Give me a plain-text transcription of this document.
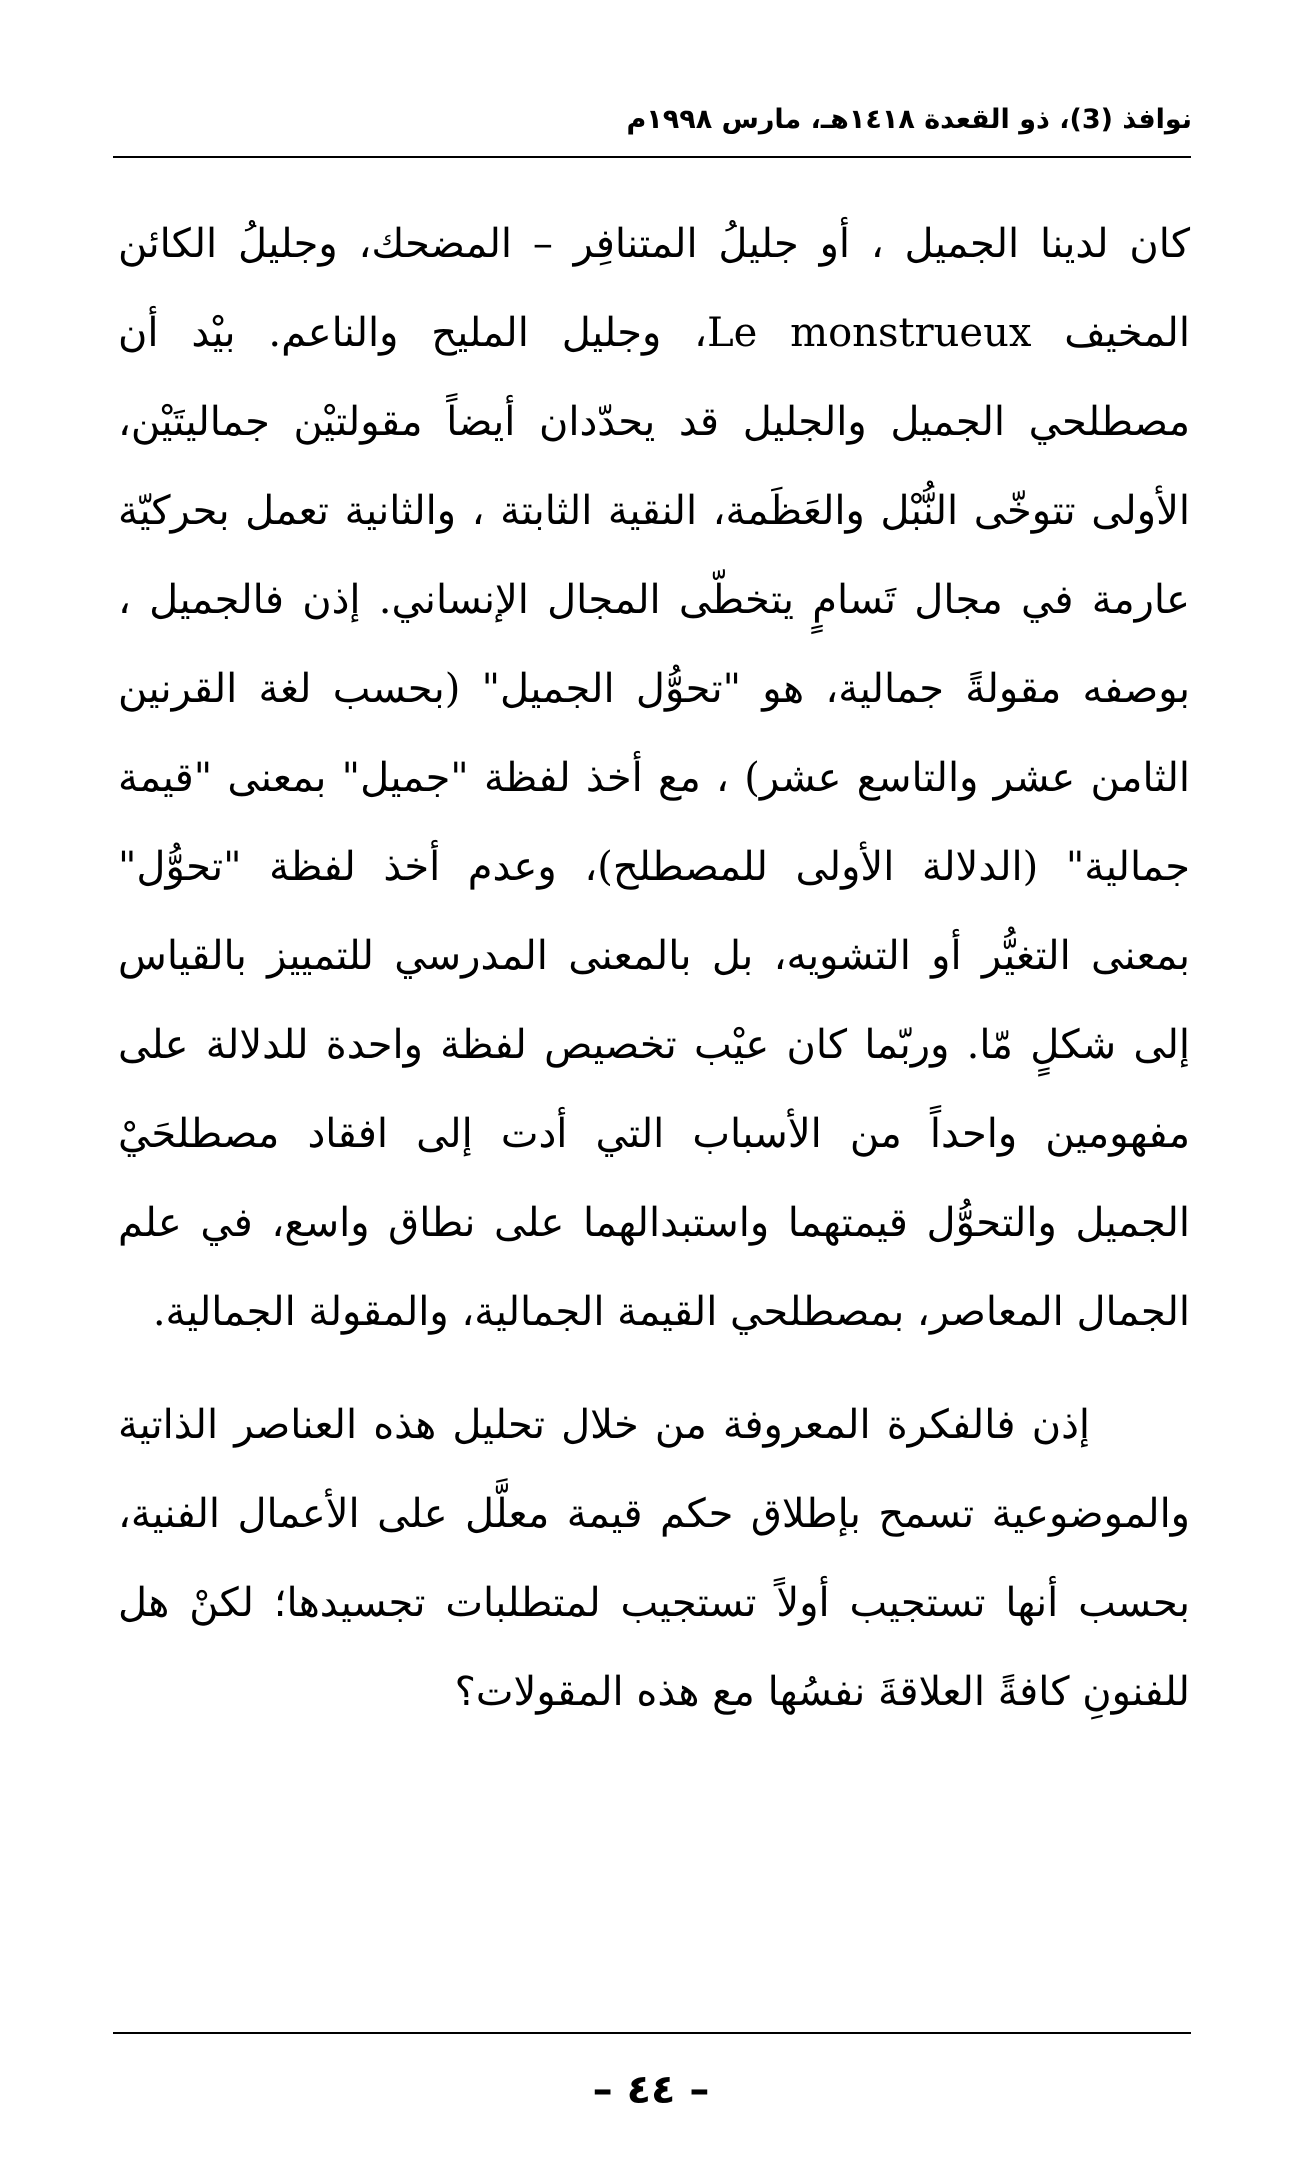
نوافذ (3)، ذو القعدة ١٤١٨هـ، مارس ١٩٩٨م

كان لدينا الجميل ، أو جليلُ المتنافِر – المضحك، وجليلُ الكائن المخيف Le monstrueux، وجليل المليح والناعم. بيْد أن مصطلحي الجميل والجليل قد يحدّدان أيضاً مقولتيْن جماليتَيْن، الأولى تتوخّى النُّبْل والعَظَمة، النقية الثابتة ، والثانية تعمل بحركيّة عارمة في مجال تَسامٍ يتخطّى المجال الإنساني. إذن فالجميل ، بوصفه مقولةً جمالية، هو "تحوُّل الجميل" (بحسب لغة القرنين الثامن عشر والتاسع عشر) ، مع أخذ لفظة "جميل" بمعنى "قيمة جمالية" (الدلالة الأولى للمصطلح)، وعدم أخذ لفظة "تحوُّل" بمعنى التغيُّر أو التشويه، بل بالمعنى المدرسي للتمييز بالقياس إلى شكلٍ مّا. وربّما كان عيْب تخصيص لفظة واحدة للدلالة على مفهومين واحداً من الأسباب التي أدت إلى افقاد مصطلحَيْ الجميل والتحوُّل قيمتهما واستبدالهما على نطاق واسع، في علم الجمال المعاصر، بمصطلحي القيمة الجمالية، والمقولة الجمالية.

إذن فالفكرة المعروفة من خلال تحليل هذه العناصر الذاتية والموضوعية تسمح بإطلاق حكم قيمة معلَّل على الأعمال الفنية، بحسب أنها تستجيب أولاً تستجيب لمتطلبات تجسيدها؛ لكنْ هل للفنونِ كافةً العلاقةَ نفسُها مع هذه المقولات؟

– ٤٤ –
